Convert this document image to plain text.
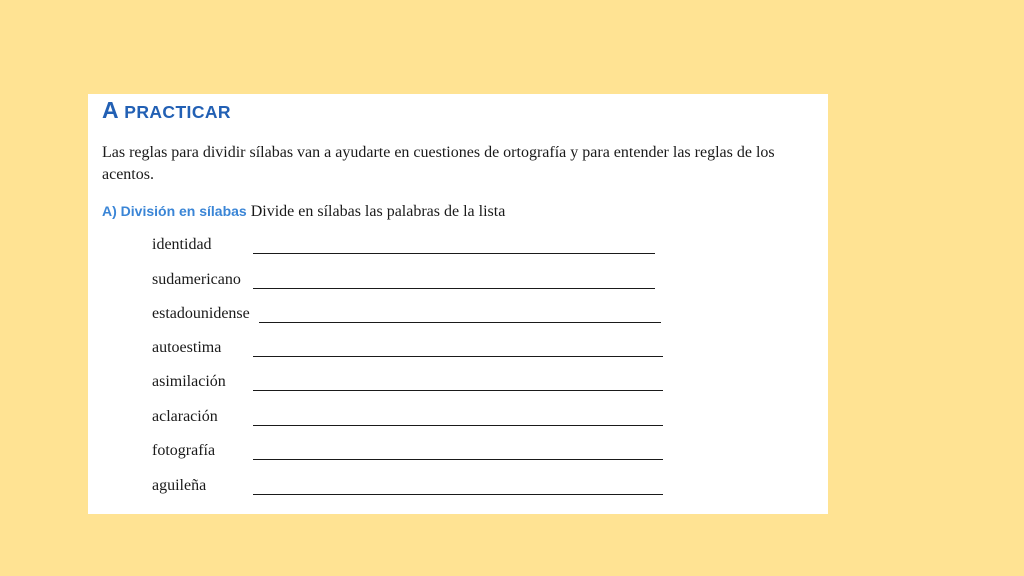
A PRACTICAR

Las reglas para dividir sílabas van a ayudarte en cuestiones de ortografía y para entender las reglas de los acentos.

A) División en sílabas Divide en sílabas las palabras de la lista

identidad
sudamericano
estadounidense
autoestima
asimilación
aclaración
fotografía
aguileña
